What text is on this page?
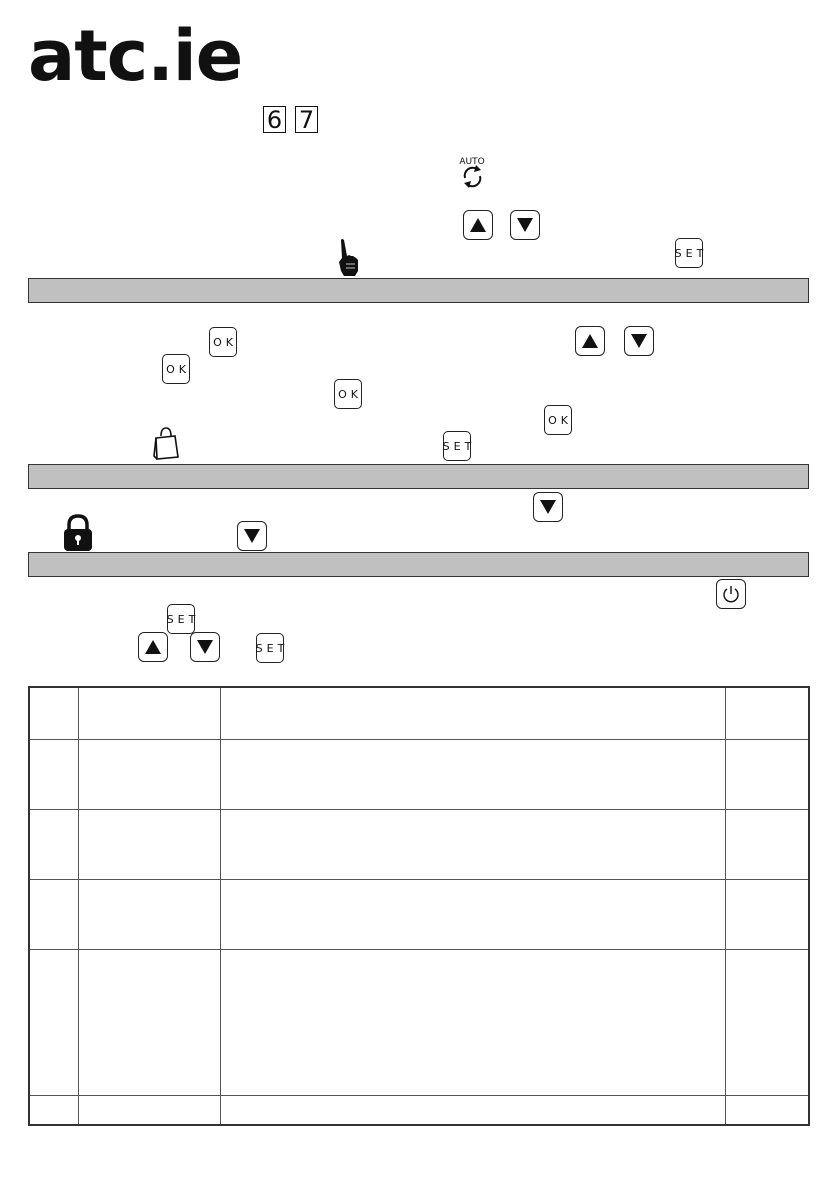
atc.ie
6 7
AUTO
SET
OK
OK
OK
OK
SET
SET
SET
